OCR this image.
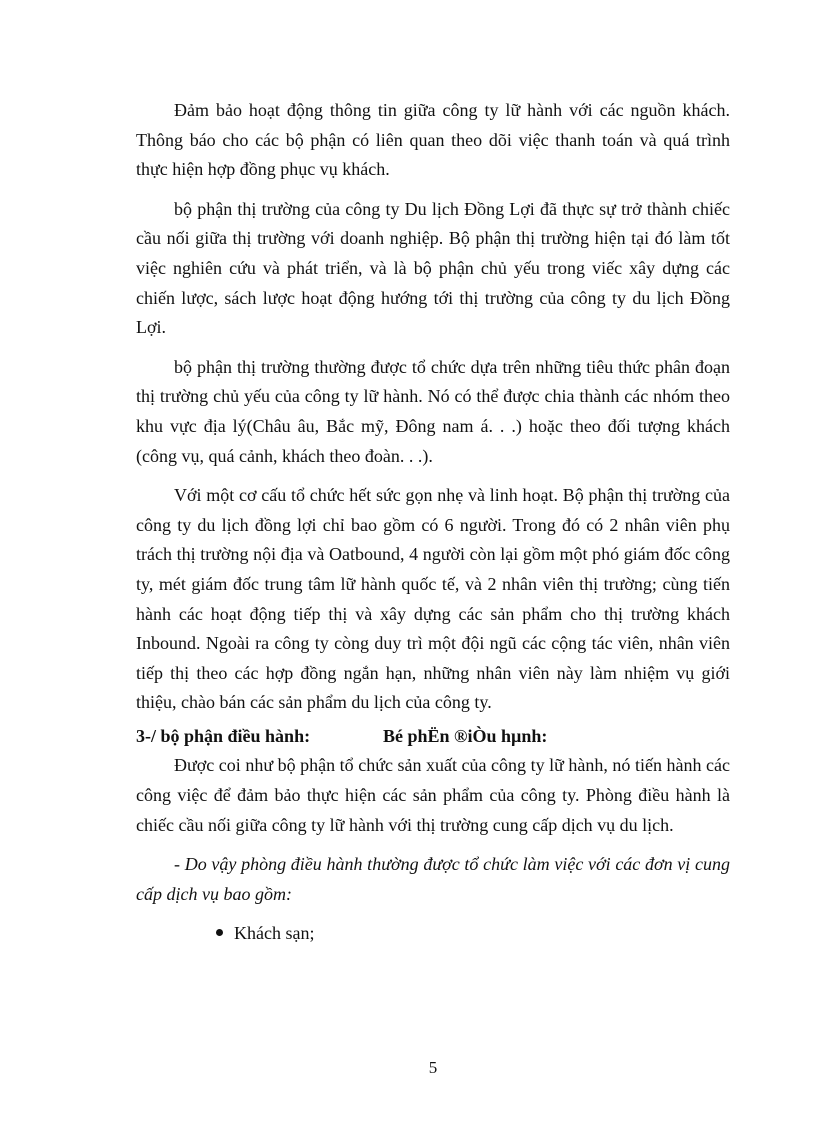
Đảm bảo hoạt động thông tin giữa công ty lữ hành với các nguồn khách. Thông báo cho các bộ phận có liên quan theo dõi việc thanh toán và quá trình thực hiện hợp đồng phục vụ khách.

bộ phận thị trường của công ty Du lịch Đồng Lợi đã thực sự trở thành chiếc cầu nối giữa thị trường với doanh nghiệp. Bộ phận thị trường hiện tại đó làm tốt việc nghiên cứu và phát triển, và là bộ phận chủ yếu trong viếc xây dựng các chiến lược, sách lược hoạt động hướng tới thị trường của công ty du lịch Đồng Lợi.

bộ phận thị trường thường được tổ chức dựa trên những tiêu thức phân đoạn thị trường chủ yếu của công ty lữ hành. Nó có thể được chia thành các nhóm theo khu vực địa lý(Châu âu, Bắc mỹ, Đông nam á. . .) hoặc theo đối tượng khách (công vụ, quá cảnh, khách theo đoàn. . .).

Với một cơ cấu tổ chức hết sức gọn nhẹ và linh hoạt. Bộ phận thị trường của công ty du lịch đồng lợi chỉ bao gồm có 6 người. Trong đó có 2 nhân viên phụ trách thị trường nội địa và Oatbound, 4 người còn lại gồm một phó giám đốc công ty, mét giám đốc trung tâm lữ hành quốc tế, và 2 nhân viên thị trường; cùng tiến hành các hoạt động tiếp thị và xây dựng các sản phẩm cho thị trường khách Inbound. Ngoài ra công ty còng duy trì một đội ngũ các cộng tác viên, nhân viên tiếp thị theo các hợp đồng ngắn hạn, những nhân viên này làm nhiệm vụ giới thiệu, chào bán các sản phẩm du lịch của công ty.

3-/ bộ phận điều hành:	Bé phËn ®iÒu hµnh:

Được coi như bộ phận tổ chức sản xuất của công ty lữ hành, nó tiến hành các công việc để đảm bảo thực hiện các sản phẩm của công ty. Phòng điều hành là chiếc cầu nối giữa công ty lữ hành với thị trường cung cấp dịch vụ du lịch.

- Do vậy phòng điều hành thường được tổ chức làm việc với các đơn vị cung cấp dịch vụ bao gồm:

Khách sạn;
5
